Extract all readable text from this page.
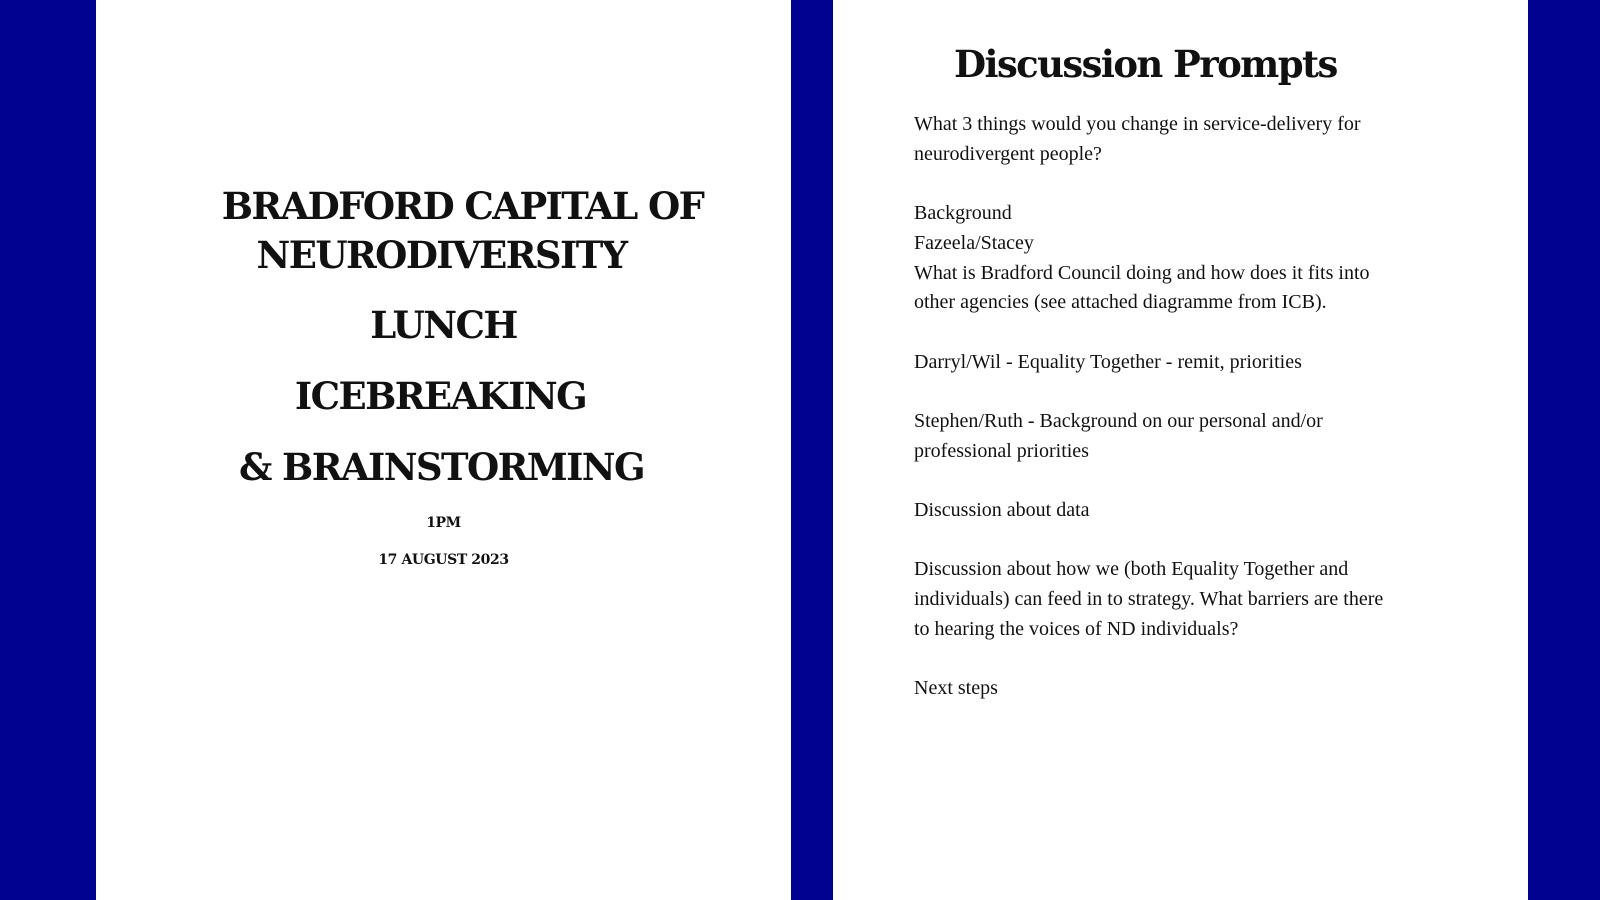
BRADFORD CAPITAL OF
NEURODIVERSITY
LUNCH
ICEBREAKING
& BRAINSTORMING
1PM
17 AUGUST 2023
Discussion Prompts
What 3 things would you change in service-delivery for
neurodivergent people?
Background
Fazeela/Stacey
What is Bradford Council doing and how does it fits into
other agencies (see attached diagramme from ICB).
Darryl/Wil - Equality Together - remit, priorities
Stephen/Ruth - Background on our personal and/or
professional priorities
Discussion about data
Discussion about how we (both Equality Together and
individuals) can feed in to strategy. What barriers are there
to hearing the voices of ND individuals?
Next steps
